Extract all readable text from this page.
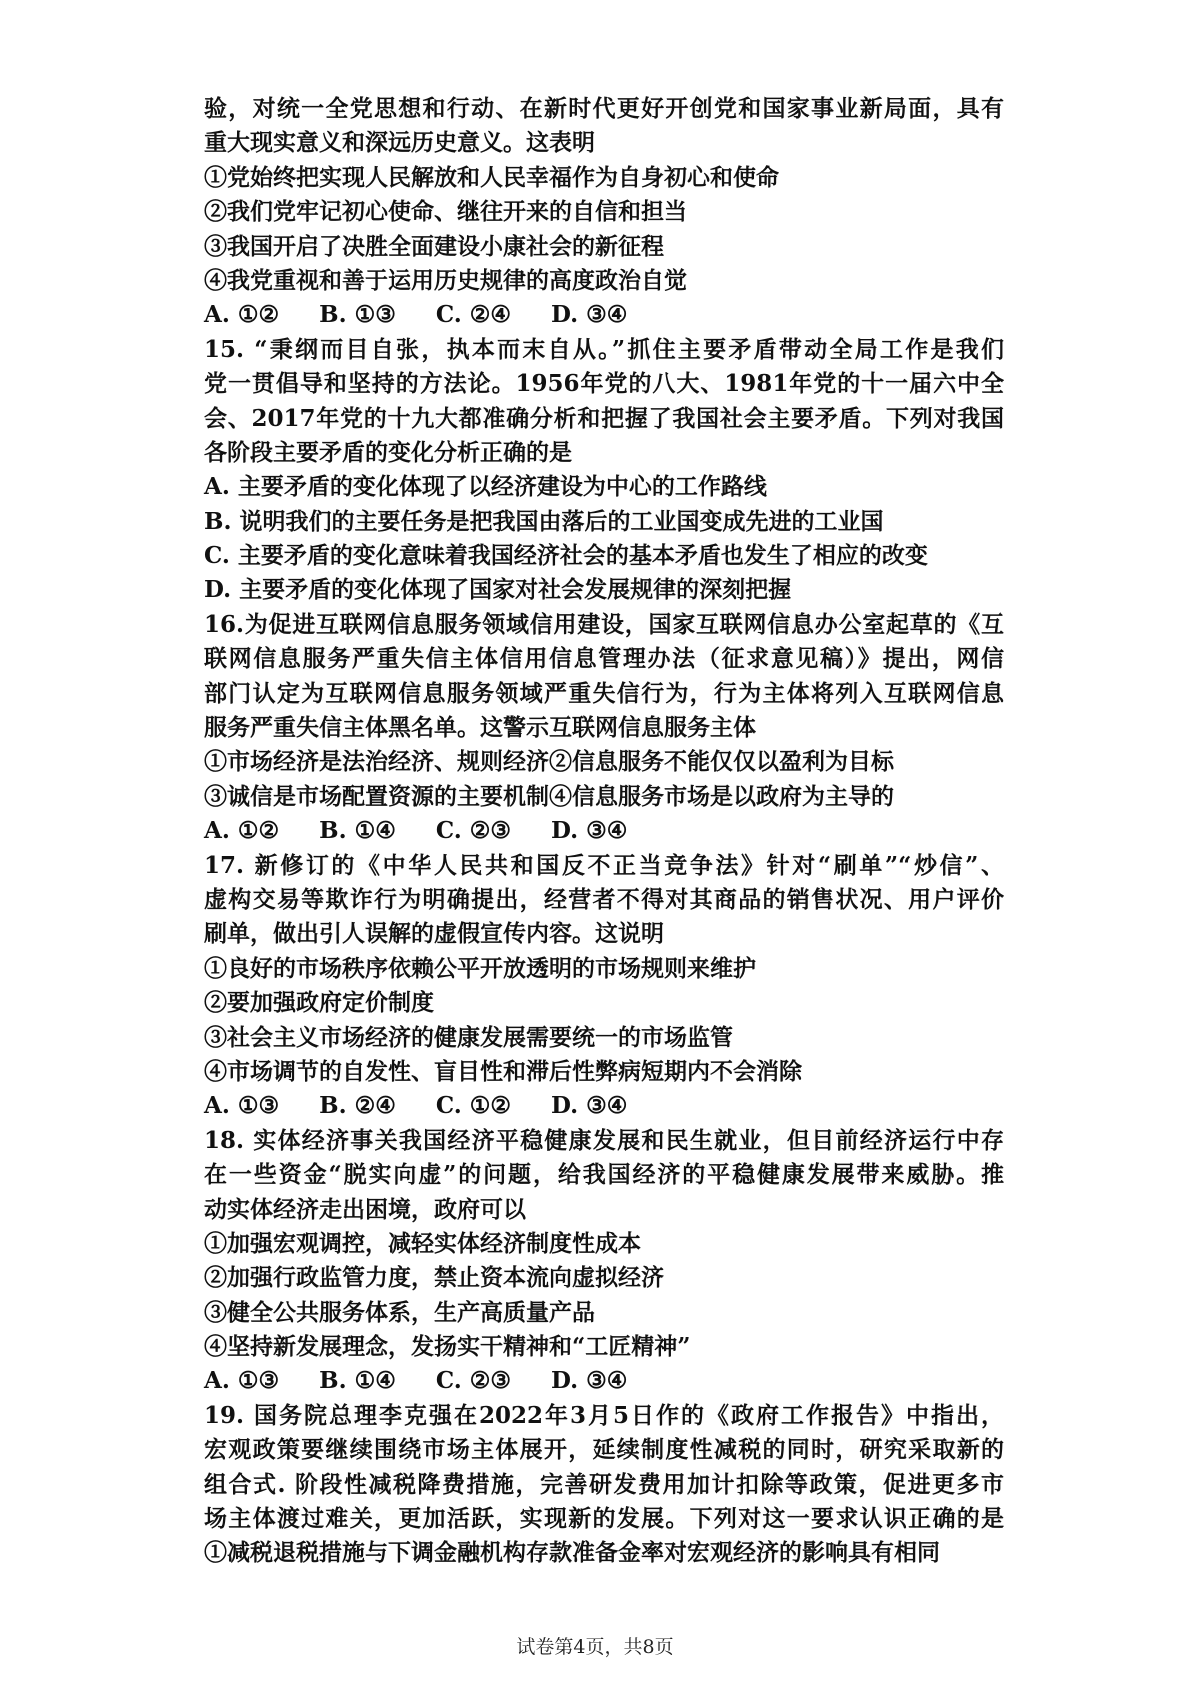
验，对统一全党思想和行动、在新时代更好开创党和国家事业新局面，具有
重大现实意义和深远历史意义。这表明
①党始终把实现人民解放和人民幸福作为自身初心和使命
②我们党牢记初心使命、继往开来的自信和担当
③我国开启了决胜全面建设小康社会的新征程
④我党重视和善于运用历史规律的高度政治自觉
A. ①② B. ①③ C. ②④ D. ③④
15. “秉纲而目自张，执本而末自从。”抓住主要矛盾带动全局工作是我们
党一贯倡导和坚持的方法论。1956年党的八大、1981年党的十一届六中全
会、2017年党的十九大都准确分析和把握了我国社会主要矛盾。下列对我国
各阶段主要矛盾的变化分析正确的是
A. 主要矛盾的变化体现了以经济建设为中心的工作路线
B. 说明我们的主要任务是把我国由落后的工业国变成先进的工业国
C. 主要矛盾的变化意味着我国经济社会的基本矛盾也发生了相应的改变
D. 主要矛盾的变化体现了国家对社会发展规律的深刻把握
16.为促进互联网信息服务领域信用建设，国家互联网信息办公室起草的《互
联网信息服务严重失信主体信用信息管理办法（征求意见稿）》提出，网信
部门认定为互联网信息服务领域严重失信行为，行为主体将列入互联网信息
服务严重失信主体黑名单。这警示互联网信息服务主体
①市场经济是法治经济、规则经济②信息服务不能仅仅以盈利为目标
③诚信是市场配置资源的主要机制④信息服务市场是以政府为主导的
A. ①② B. ①④ C. ②③ D. ③④
17. 新修订的《中华人民共和国反不正当竞争法》针对“刷单”“炒信”、
虚构交易等欺诈行为明确提出，经营者不得对其商品的销售状况、用户评价
刷单，做出引人误解的虚假宣传内容。这说明
①良好的市场秩序依赖公平开放透明的市场规则来维护
②要加强政府定价制度
③社会主义市场经济的健康发展需要统一的市场监管
④市场调节的自发性、盲目性和滞后性弊病短期内不会消除
A. ①③ B. ②④ C. ①② D. ③④
18. 实体经济事关我国经济平稳健康发展和民生就业，但目前经济运行中存
在一些资金“脱实向虚”的问题，给我国经济的平稳健康发展带来威胁。推
动实体经济走出困境，政府可以
①加强宏观调控，减轻实体经济制度性成本
②加强行政监管力度，禁止资本流向虚拟经济
③健全公共服务体系，生产高质量产品
④坚持新发展理念，发扬实干精神和“工匠精神”
A. ①③ B. ①④ C. ②③ D. ③④
19. 国务院总理李克强在2022年3月5日作的《政府工作报告》中指出，
宏观政策要继续围绕市场主体展开，延续制度性减税的同时，研究采取新的
组合式. 阶段性减税降费措施，完善研发费用加计扣除等政策，促进更多市
场主体渡过难关，更加活跃，实现新的发展。下列对这一要求认识正确的是
①减税退税措施与下调金融机构存款准备金率对宏观经济的影响具有相同
试卷第4页，共8页
